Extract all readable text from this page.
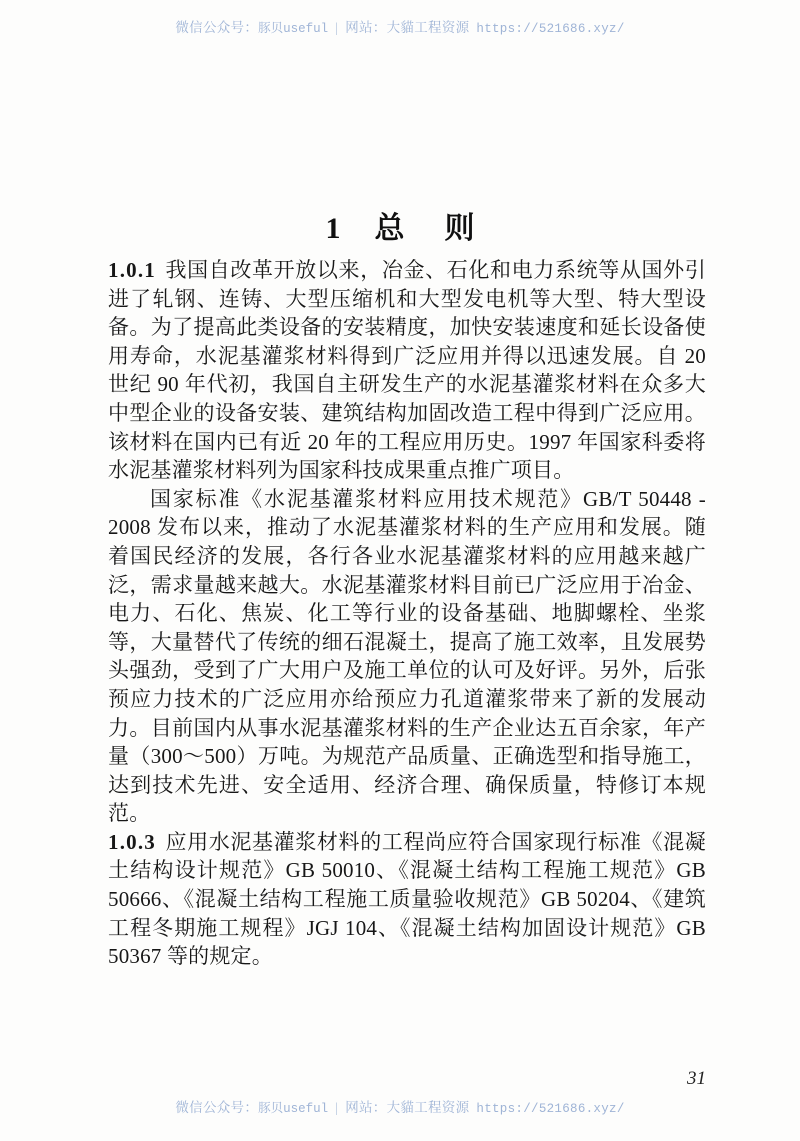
微信公众号：豚贝useful | 网站：大貓工程资源 https://521686.xyz/
1 总 则

1.0.1 我国自改革开放以来，冶金、石化和电力系统等从国外引进了轧钢、连铸、大型压缩机和大型发电机等大型、特大型设备。为了提高此类设备的安装精度，加快安装速度和延长设备使用寿命，水泥基灌浆材料得到广泛应用并得以迅速发展。自 20 世纪 90 年代初，我国自主研发生产的水泥基灌浆材料在众多大中型企业的设备安装、建筑结构加固改造工程中得到广泛应用。该材料在国内已有近 20 年的工程应用历史。1997 年国家科委将水泥基灌浆材料列为国家科技成果重点推广项目。

国家标准《水泥基灌浆材料应用技术规范》GB/T 50448 - 2008 发布以来，推动了水泥基灌浆材料的生产应用和发展。随着国民经济的发展，各行各业水泥基灌浆材料的应用越来越广泛，需求量越来越大。水泥基灌浆材料目前已广泛应用于冶金、电力、石化、焦炭、化工等行业的设备基础、地脚螺栓、坐浆等，大量替代了传统的细石混凝土，提高了施工效率，且发展势头强劲，受到了广大用户及施工单位的认可及好评。另外，后张预应力技术的广泛应用亦给预应力孔道灌浆带来了新的发展动力。目前国内从事水泥基灌浆材料的生产企业达五百余家，年产量（300～500）万吨。为规范产品质量、正确选型和指导施工，达到技术先进、安全适用、经济合理、确保质量，特修订本规范。

1.0.3 应用水泥基灌浆材料的工程尚应符合国家现行标准《混凝土结构设计规范》GB 50010、《混凝土结构工程施工规范》GB 50666、《混凝土结构工程施工质量验收规范》GB 50204、《建筑工程冬期施工规程》JGJ 104、《混凝土结构加固设计规范》GB 50367 等的规定。

31
微信公众号：豚贝useful | 网站：大貓工程资源 https://521686.xyz/
